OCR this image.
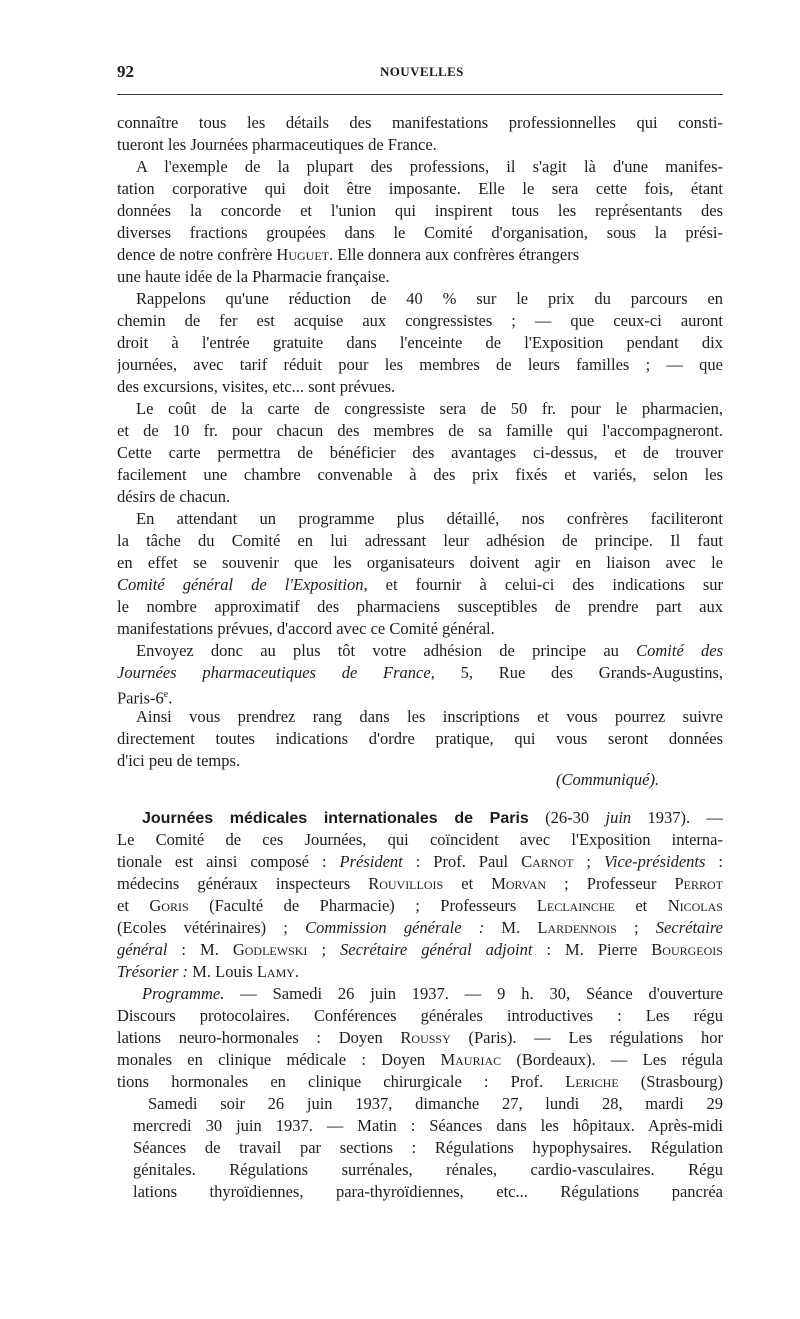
92	NOUVELLES
connaître tous les détails des manifestations professionnelles qui consti-
tueront les Journées pharmaceutiques de France.
A l'exemple de la plupart des professions, il s'agit là d'une manifes-
tation corporative qui doit être imposante. Elle le sera cette fois, étant
données la concorde et l'union qui inspirent tous les représentants des
diverses fractions groupées dans le Comité d'organisation, sous la prési-
dence de notre confrère Huguet. Elle donnera aux confrères étrangers
une haute idée de la Pharmacie française.
Rappelons qu'une réduction de 40 % sur le prix du parcours en
chemin de fer est acquise aux congressistes ; — que ceux-ci auront
droit à l'entrée gratuite dans l'enceinte de l'Exposition pendant dix
journées, avec tarif réduit pour les membres de leurs familles ; — que
des excursions, visites, etc... sont prévues.
Le coût de la carte de congressiste sera de 50 fr. pour le pharmacien,
et de 10 fr. pour chacun des membres de sa famille qui l'accompagneront.
Cette carte permettra de bénéficier des avantages ci-dessus, et de trouver
facilement une chambre convenable à des prix fixés et variés, selon les
désirs de chacun.
En attendant un programme plus détaillé, nos confrères faciliteront
la tâche du Comité en lui adressant leur adhésion de principe. Il faut
en effet se souvenir que les organisateurs doivent agir en liaison avec le
Comité général de l'Exposition, et fournir à celui-ci des indications sur
le nombre approximatif des pharmaciens susceptibles de prendre part aux
manifestations prévues, d'accord avec ce Comité général.
Envoyez donc au plus tôt votre adhésion de principe au Comité des
Journées pharmaceutiques de France, 5, Rue des Grands-Augustins,
Paris-6e.
Ainsi vous prendrez rang dans les inscriptions et vous pourrez suivre
directement toutes indications d'ordre pratique, qui vous seront données
d'ici peu de temps.
(Communiqué).
Journées médicales internationales de Paris (26-30 juin 1937). —
Le Comité de ces Journées, qui coïncident avec l'Exposition interna-
tionale est ainsi composé : Président : Prof. Paul Carnot ; Vice-présidents :
médecins généraux inspecteurs Rouvillois et Morvan ; Professeur Perrot
et Goris (Faculté de Pharmacie) ; Professeurs Leclainche et Nicolas
(Ecoles vétérinaires) ; Commission générale : M. Lardennois ; Secrétaire
général : M. Godlewski ; Secrétaire général adjoint : M. Pierre Bourgeois
Trésorier : M. Louis Lamy.
Programme. — Samedi 26 juin 1937. — 9 h. 30, Séance d'ouverture
Discours protocolaires. Conférences générales introductives : Les régu
lations neuro-hormonales : Doyen Roussy (Paris). — Les régulations hor
monales en clinique médicale : Doyen Mauriac (Bordeaux). — Les régula
tions hormonales en clinique chirurgicale : Prof. Leriche (Strasbourg)
Samedi soir 26 juin 1937, dimanche 27, lundi 28, mardi 29
mercredi 30 juin 1937. — Matin : Séances dans les hôpitaux. Après-midi
Séances de travail par sections : Régulations hypophysaires. Régulation
génitales. Régulations surrénales, rénales, cardio-vasculaires. Régu
lations thyroïdiennes, para-thyroïdiennes, etc... Régulations pancréa
